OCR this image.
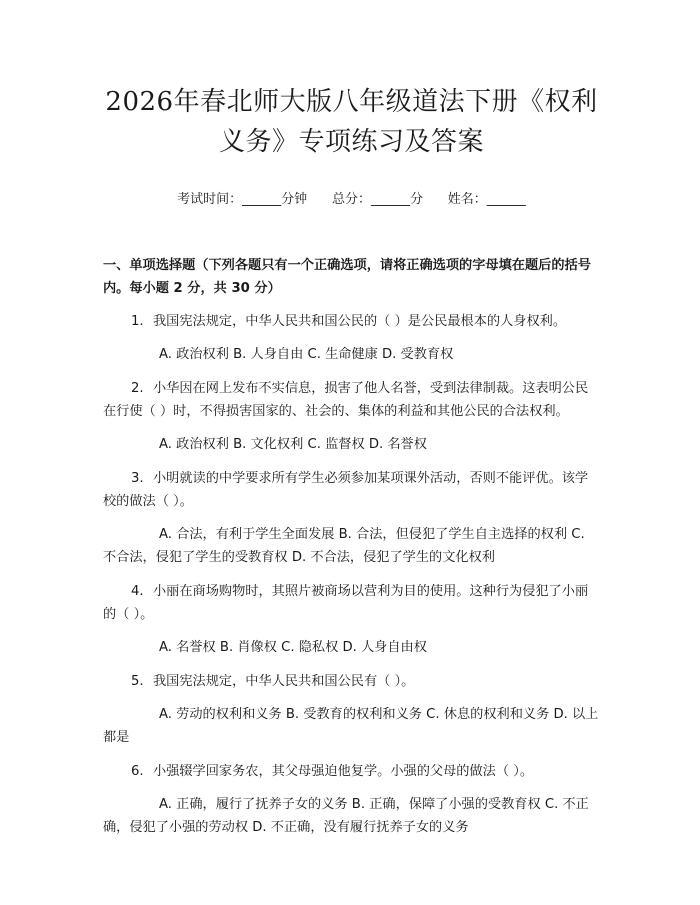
2026年春北师大版八年级道法下册《权利义务》专项练习及答案
考试时间：______分钟 总分：______分 姓名：______
一、单项选择题（下列各题只有一个正确选项，请将正确选项的字母填在题后的括号内。每小题 2 分，共 30 分）

1. 我国宪法规定，中华人民共和国公民的（ ）是公民最根本的人身权利。

A. 政治权利 B. 人身自由 C. 生命健康 D. 受教育权

2. 小华因在网上发布不实信息，损害了他人名誉，受到法律制裁。这表明公民在行使（ ）时，不得损害国家的、社会的、集体的利益和其他公民的合法权利。

A. 政治权利 B. 文化权利 C. 监督权 D. 名誉权

3. 小明就读的中学要求所有学生必须参加某项课外活动，否则不能评优。该学校的做法（ ）。

A. 合法，有利于学生全面发展 B. 合法，但侵犯了学生自主选择的权利 C. 不合法，侵犯了学生的受教育权 D. 不合法，侵犯了学生的文化权利

4. 小丽在商场购物时，其照片被商场以营利为目的使用。这种行为侵犯了小丽的（ ）。

A. 名誉权 B. 肖像权 C. 隐私权 D. 人身自由权

5. 我国宪法规定，中华人民共和国公民有（ ）。

A. 劳动的权利和义务 B. 受教育的权利和义务 C. 休息的权利和义务 D. 以上都是

6. 小强辍学回家务农，其父母强迫他复学。小强的父母的做法（ ）。

A. 正确，履行了抚养子女的义务 B. 正确，保障了小强的受教育权 C. 不正确，侵犯了小强的劳动权 D. 不正确，没有履行抚养子女的义务
